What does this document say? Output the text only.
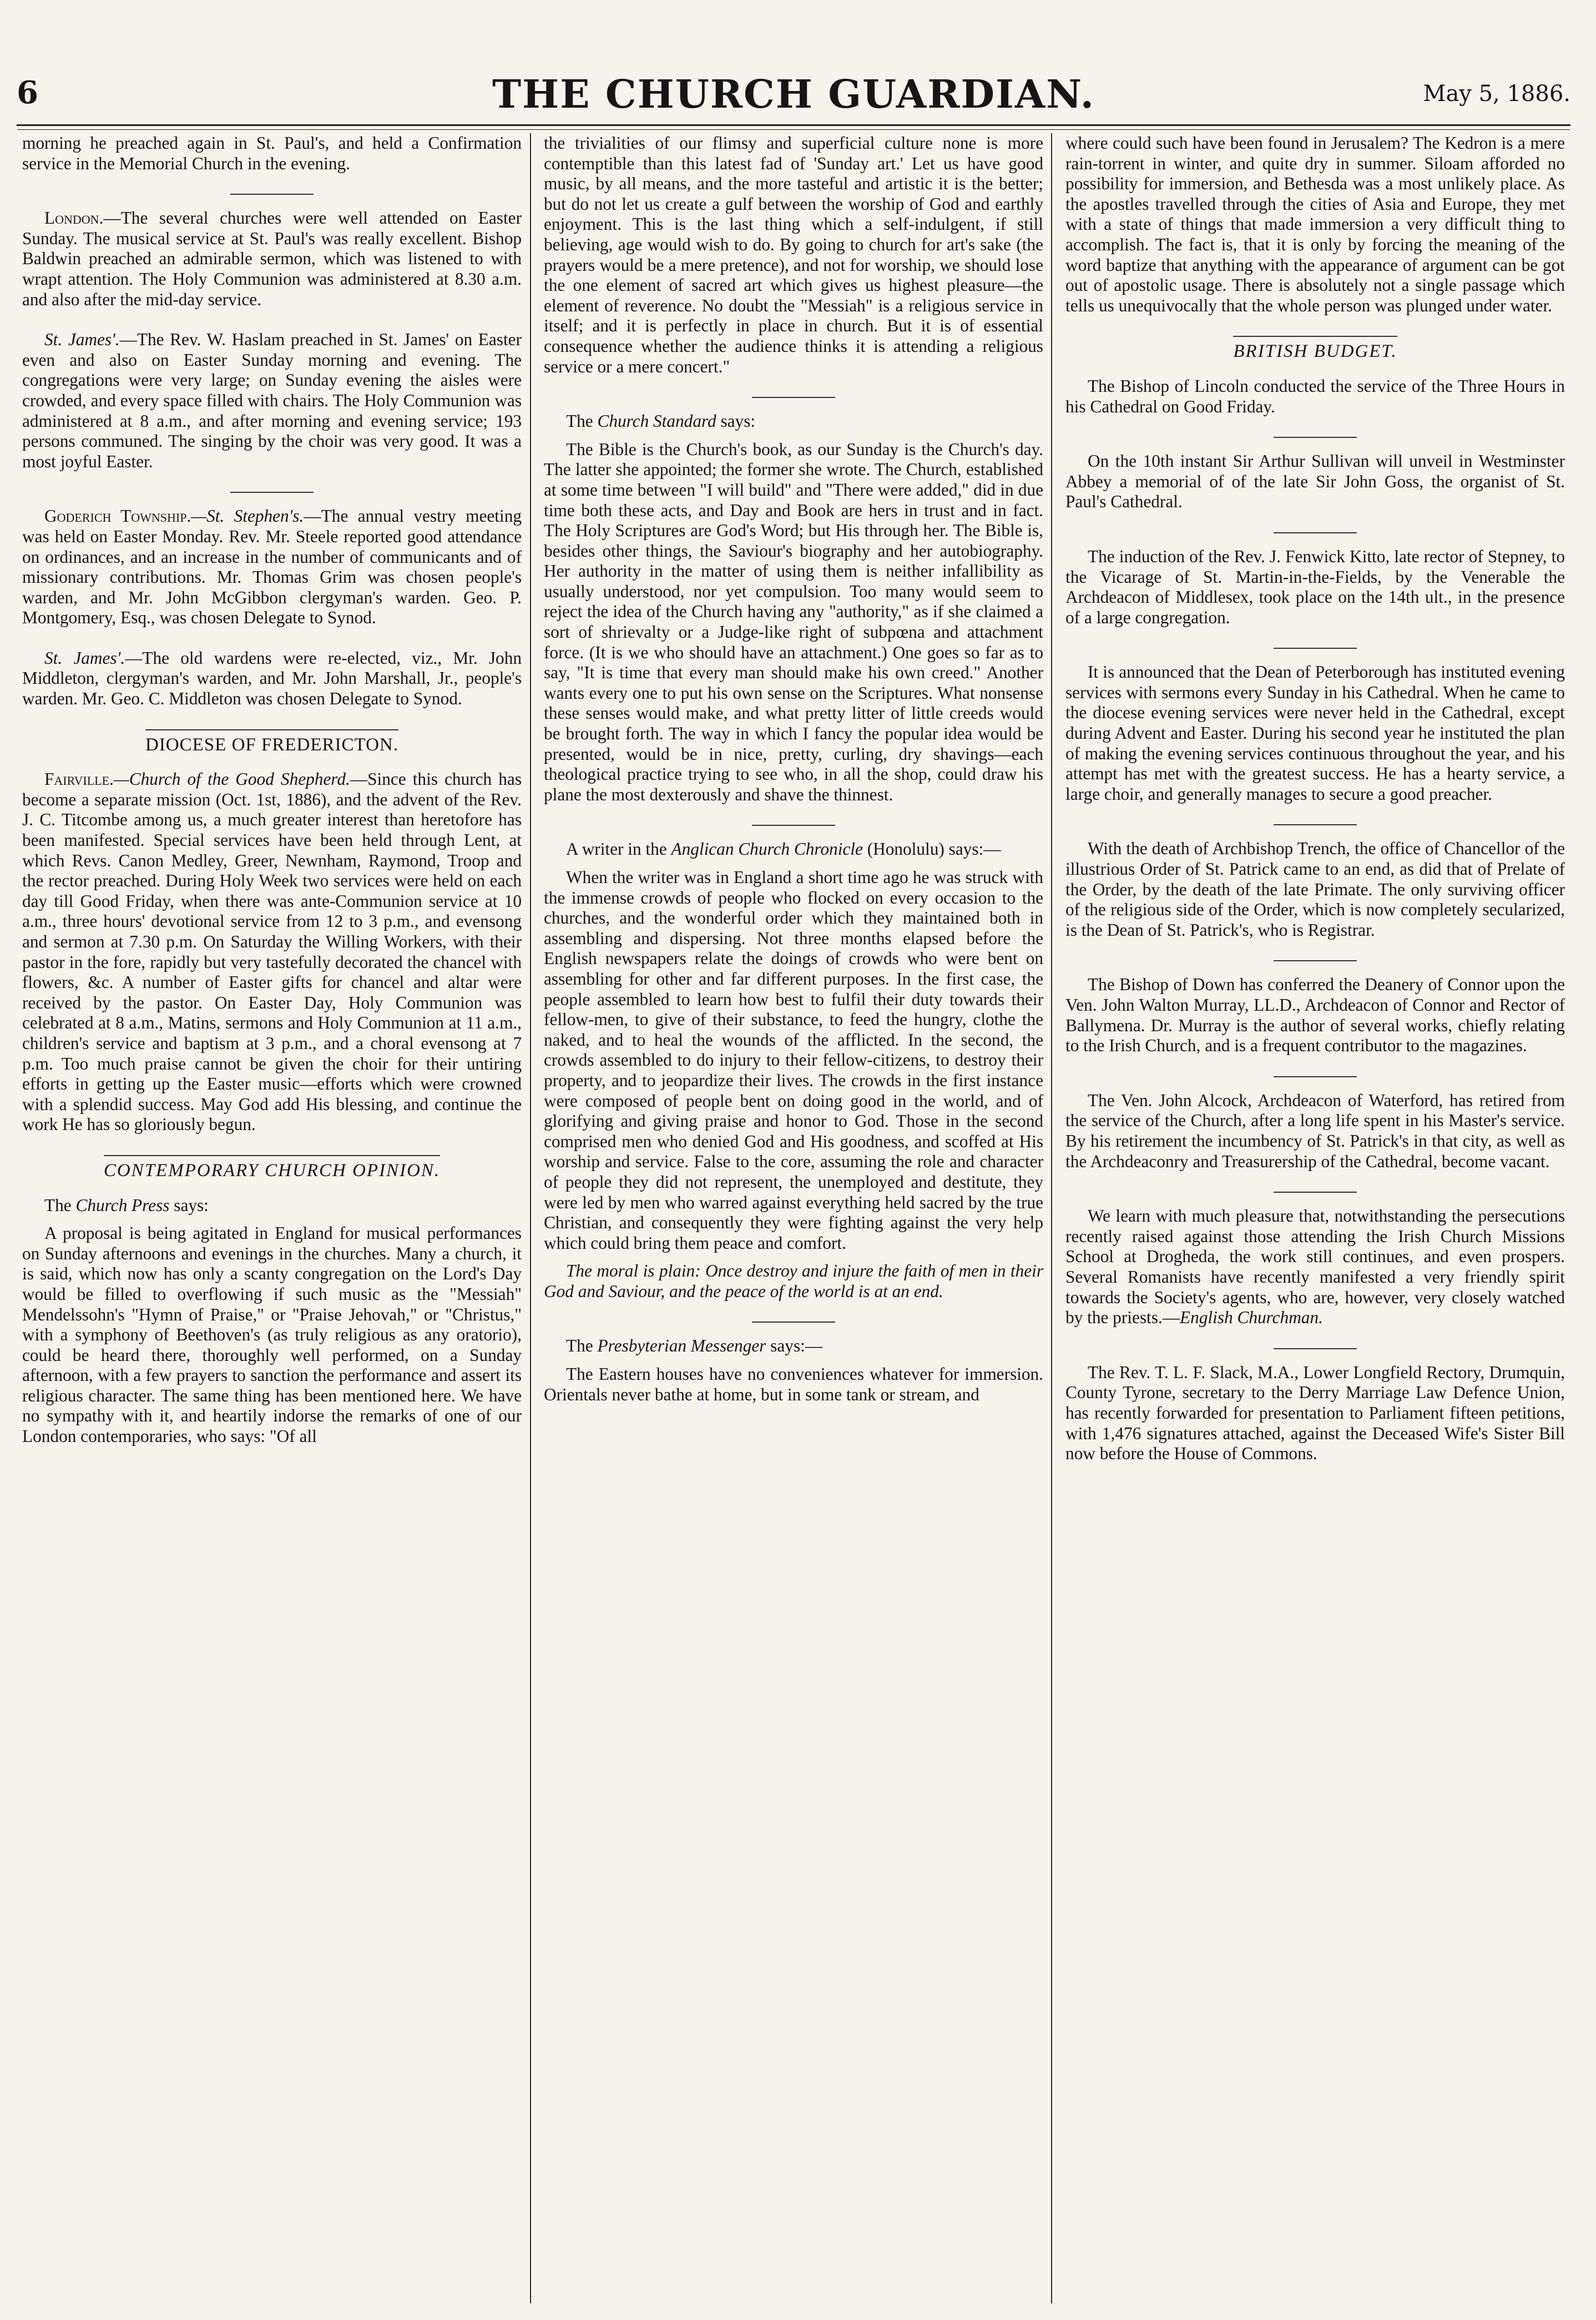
6	THE CHURCH GUARDIAN.	May 5, 1886.

morning he preached again in St. Paul's, and held a Confirmation service in the Memorial Church in the evening.

London.—The several churches were well attended on Easter Sunday. The musical service at St. Paul's was really excellent. Bishop Baldwin preached an admirable sermon, which was listened to with wrapt attention. The Holy Communion was administered at 8.30 a.m. and also after the mid-day service.

St. James'.—The Rev. W. Haslam preached in St. James' on Easter even and also on Easter Sunday morning and evening. The congregations were very large; on Sunday evening the aisles were crowded, and every space filled with chairs. The Holy Communion was administered at 8 a.m., and after morning and evening service; 193 persons communed. The singing by the choir was very good. It was a most joyful Easter.

Goderich Township.—St. Stephen's.—The annual vestry meeting was held on Easter Monday. Rev. Mr. Steele reported good attendance on ordinances, and an increase in the number of communicants and of missionary contributions. Mr. Thomas Grim was chosen people's warden, and Mr. John McGibbon clergyman's warden. Geo. P. Montgomery, Esq., was chosen Delegate to Synod.

St. James'.—The old wardens were re-elected, viz., Mr. John Middleton, clergyman's warden, and Mr. John Marshall, Jr., people's warden. Mr. Geo. C. Middleton was chosen Delegate to Synod.

DIOCESE OF FREDERICTON.

Fairville.—Church of the Good Shepherd.—Since this church has become a separate mission (Oct. 1st, 1886), and the advent of the Rev. J. C. Titcombe among us, a much greater interest than heretofore has been manifested. Special services have been held through Lent, at which Revs. Canon Medley, Greer, Newnham, Raymond, Troop and the rector preached. During Holy Week two services were held on each day till Good Friday, when there was ante-Communion service at 10 a.m., three hours' devotional service from 12 to 3 p.m., and evensong and sermon at 7.30 p.m. On Saturday the Willing Workers, with their pastor in the fore, rapidly but very tastefully decorated the chancel with flowers, &c. A number of Easter gifts for chancel and altar were received by the pastor. On Easter Day, Holy Communion was celebrated at 8 a.m., Matins, sermons and Holy Communion at 11 a.m., children's service and baptism at 3 p.m., and a choral evensong at 7 p.m. Too much praise cannot be given the choir for their untiring efforts in getting up the Easter music—efforts which were crowned with a splendid success. May God add His blessing, and continue the work He has so gloriously begun.

CONTEMPORARY CHURCH OPINION.

The Church Press says:

A proposal is being agitated in England for musical performances on Sunday afternoons and evenings in the churches. Many a church, it is said, which now has only a scanty congregation on the Lord's Day would be filled to overflowing if such music as the "Messiah" Mendelssohn's "Hymn of Praise," or "Praise Jehovah," or "Christus," with a symphony of Beethoven's (as truly religious as any oratorio), could be heard there, thoroughly well performed, on a Sunday afternoon, with a few prayers to sanction the performance and assert its religious character. The same thing has been mentioned here. We have no sympathy with it, and heartily indorse the remarks of one of our London contemporaries, who says: "Of all

the trivialities of our flimsy and superficial culture none is more contemptible than this latest fad of 'Sunday art.' Let us have good music, by all means, and the more tasteful and artistic it is the better; but do not let us create a gulf between the worship of God and earthly enjoyment. This is the last thing which a self-indulgent, if still believing, age would wish to do. By going to church for art's sake (the prayers would be a mere pretence), and not for worship, we should lose the one element of sacred art which gives us highest pleasure—the element of reverence. No doubt the "Messiah" is a religious service in itself; and it is perfectly in place in church. But it is of essential consequence whether the audience thinks it is attending a religious service or a mere concert."

The Church Standard says:

The Bible is the Church's book, as our Sunday is the Church's day. The latter she appointed; the former she wrote. The Church, established at some time between "I will build" and "There were added," did in due time both these acts, and Day and Book are hers in trust and in fact. The Holy Scriptures are God's Word; but His through her. The Bible is, besides other things, the Saviour's biography and her autobiography. Her authority in the matter of using them is neither infallibility as usually understood, nor yet compulsion. Too many would seem to reject the idea of the Church having any "authority," as if she claimed a sort of shrievalty or a Judge-like right of subpœna and attachment force. (It is we who should have an attachment.) One goes so far as to say, "It is time that every man should make his own creed." Another wants every one to put his own sense on the Scriptures. What nonsense these senses would make, and what pretty litter of little creeds would be brought forth. The way in which I fancy the popular idea would be presented, would be in nice, pretty, curling, dry shavings—each theological practice trying to see who, in all the shop, could draw his plane the most dexterously and shave the thinnest.

A writer in the Anglican Church Chronicle (Honolulu) says:—

When the writer was in England a short time ago he was struck with the immense crowds of people who flocked on every occasion to the churches, and the wonderful order which they maintained both in assembling and dispersing. Not three months elapsed before the English newspapers relate the doings of crowds who were bent on assembling for other and far different purposes. In the first case, the people assembled to learn how best to fulfil their duty towards their fellow-men, to give of their substance, to feed the hungry, clothe the naked, and to heal the wounds of the afflicted. In the second, the crowds assembled to do injury to their fellow-citizens, to destroy their property, and to jeopardize their lives. The crowds in the first instance were composed of people bent on doing good in the world, and of glorifying and giving praise and honor to God. Those in the second comprised men who denied God and His goodness, and scoffed at His worship and service. False to the core, assuming the role and character of people they did not represent, the unemployed and destitute, they were led by men who warred against everything held sacred by the true Christian, and consequently they were fighting against the very help which could bring them peace and comfort.

The moral is plain: Once destroy and injure the faith of men in their God and Saviour, and the peace of the world is at an end.

The Presbyterian Messenger says:—

The Eastern houses have no conveniences whatever for immersion. Orientals never bathe at home, but in some tank or stream, and

where could such have been found in Jerusalem? The Kedron is a mere rain-torrent in winter, and quite dry in summer. Siloam afforded no possibility for immersion, and Bethesda was a most unlikely place. As the apostles travelled through the cities of Asia and Europe, they met with a state of things that made immersion a very difficult thing to accomplish. The fact is, that it is only by forcing the meaning of the word baptize that anything with the appearance of argument can be got out of apostolic usage. There is absolutely not a single passage which tells us unequivocally that the whole person was plunged under water.

BRITISH BUDGET.

The Bishop of Lincoln conducted the service of the Three Hours in his Cathedral on Good Friday.

On the 10th instant Sir Arthur Sullivan will unveil in Westminster Abbey a memorial of of the late Sir John Goss, the organist of St. Paul's Cathedral.

The induction of the Rev. J. Fenwick Kitto, late rector of Stepney, to the Vicarage of St. Martin-in-the-Fields, by the Venerable the Archdeacon of Middlesex, took place on the 14th ult., in the presence of a large congregation.

It is announced that the Dean of Peterborough has instituted evening services with sermons every Sunday in his Cathedral. When he came to the diocese evening services were never held in the Cathedral, except during Advent and Easter. During his second year he instituted the plan of making the evening services continuous throughout the year, and his attempt has met with the greatest success. He has a hearty service, a large choir, and generally manages to secure a good preacher.

With the death of Archbishop Trench, the office of Chancellor of the illustrious Order of St. Patrick came to an end, as did that of Prelate of the Order, by the death of the late Primate. The only surviving officer of the religious side of the Order, which is now completely secularized, is the Dean of St. Patrick's, who is Registrar.

The Bishop of Down has conferred the Deanery of Connor upon the Ven. John Walton Murray, LL.D., Archdeacon of Connor and Rector of Ballymena. Dr. Murray is the author of several works, chiefly relating to the Irish Church, and is a frequent contributor to the magazines.

The Ven. John Alcock, Archdeacon of Waterford, has retired from the service of the Church, after a long life spent in his Master's service. By his retirement the incumbency of St. Patrick's in that city, as well as the Archdeaconry and Treasurership of the Cathedral, become vacant.

We learn with much pleasure that, notwithstanding the persecutions recently raised against those attending the Irish Church Missions School at Drogheda, the work still continues, and even prospers. Several Romanists have recently manifested a very friendly spirit towards the Society's agents, who are, however, very closely watched by the priests.—English Churchman.

The Rev. T. L. F. Slack, M.A., Lower Longfield Rectory, Drumquin, County Tyrone, secretary to the Derry Marriage Law Defence Union, has recently forwarded for presentation to Parliament fifteen petitions, with 1,476 signatures attached, against the Deceased Wife's Sister Bill now before the House of Commons.
